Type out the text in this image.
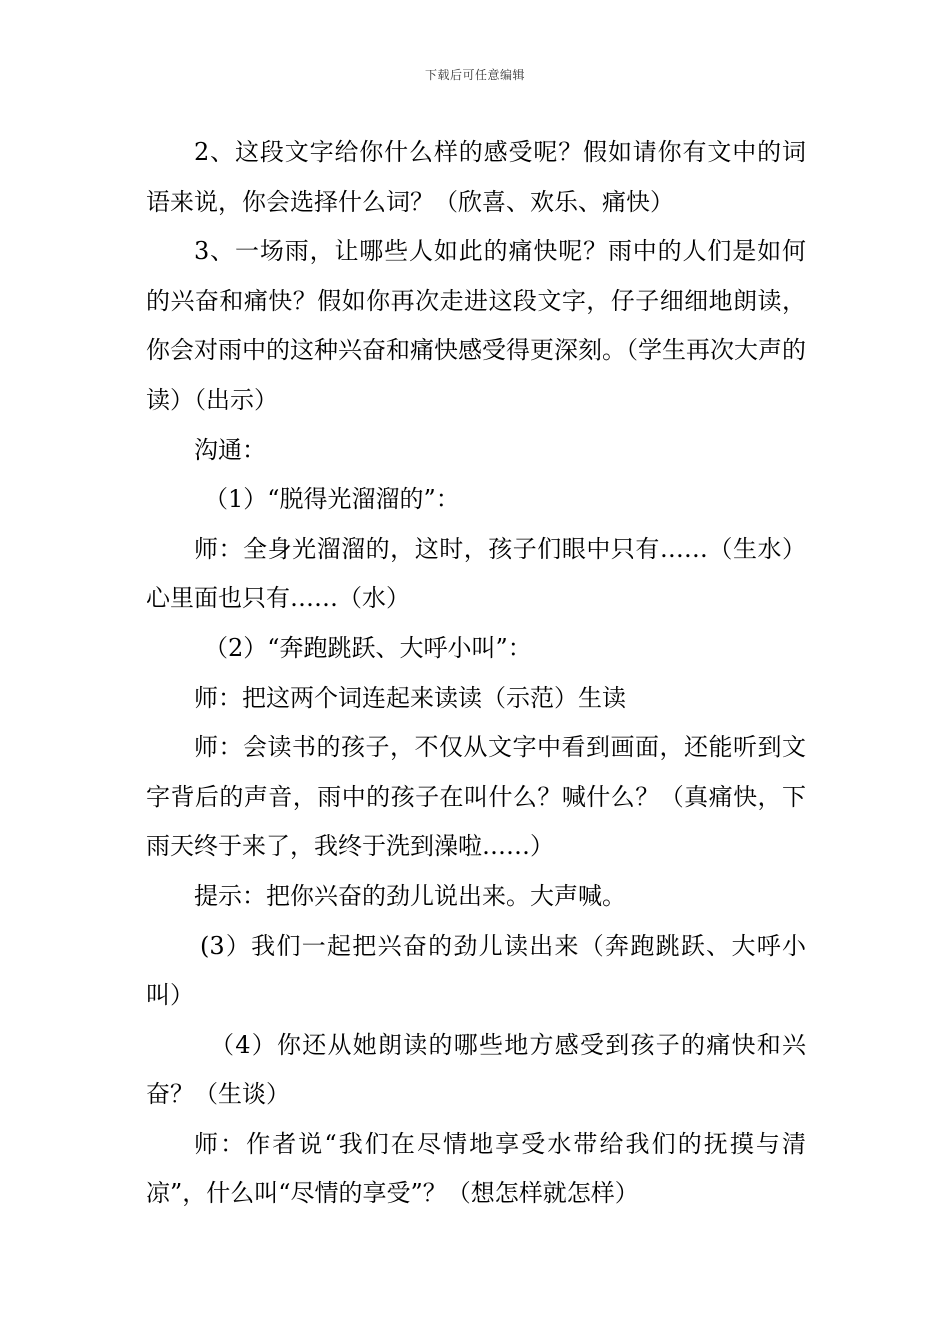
下载后可任意编辑

2、这段文字给你什么样的感受呢？假如请你有文中的词语来说，你会选择什么词？（欣喜、欢乐、痛快）

3、一场雨，让哪些人如此的痛快呢？雨中的人们是如何的兴奋和痛快？假如你再次走进这段文字，仔子细细地朗读，你会对雨中的这种兴奋和痛快感受得更深刻。（学生再次大声的读）（出示）

沟通：

（1）“脱得光溜溜的”：

师：全身光溜溜的，这时，孩子们眼中只有……（生水）心里面也只有……（水）

（2）“奔跑跳跃、大呼小叫”：

师：把这两个词连起来读读（示范）生读

师：会读书的孩子，不仅从文字中看到画面，还能听到文字背后的声音，雨中的孩子在叫什么？喊什么？（真痛快，下雨天终于来了，我终于洗到澡啦……）

提示：把你兴奋的劲儿说出来。大声喊。

(3）我们一起把兴奋的劲儿读出来（奔跑跳跃、大呼小叫）

（4）你还从她朗读的哪些地方感受到孩子的痛快和兴奋？（生谈）

师：作者说“我们在尽情地享受水带给我们的抚摸与清凉”，什么叫“尽情的享受”？（想怎样就怎样）
